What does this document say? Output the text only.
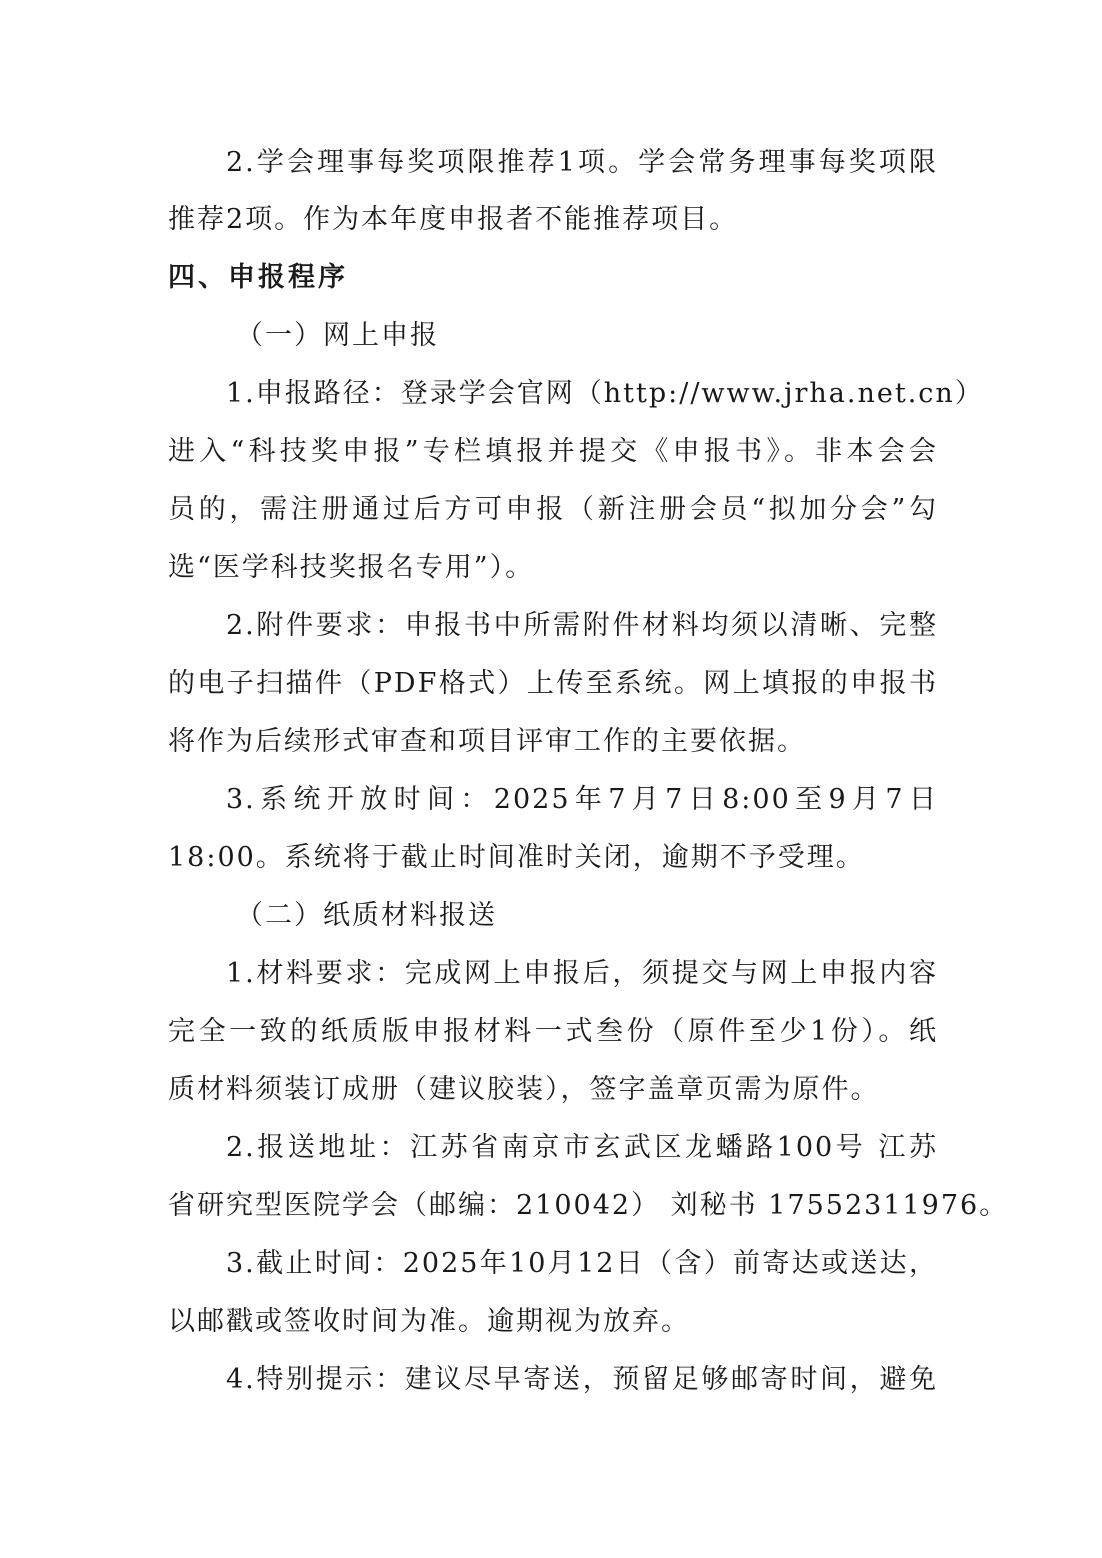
2.学会理事每奖项限推荐1项。学会常务理事每奖项限
推荐2项。作为本年度申报者不能推荐项目。
四、申报程序
（一）网上申报
1.申报路径：登录学会官网（http://www.jrha.net.cn）
进入“科技奖申报”专栏填报并提交《申报书》。非本会会
员的，需注册通过后方可申报（新注册会员“拟加分会”勾
选“医学科技奖报名专用”）。
2.附件要求：申报书中所需附件材料均须以清晰、完整
的电子扫描件（PDF格式）上传至系统。网上填报的申报书
将作为后续形式审查和项目评审工作的主要依据。
3.系统开放时间：2025年7月7日8:00至9月7日
18:00。系统将于截止时间准时关闭，逾期不予受理。
（二）纸质材料报送
1.材料要求：完成网上申报后，须提交与网上申报内容
完全一致的纸质版申报材料一式叁份（原件至少1份）。纸
质材料须装订成册（建议胶装），签字盖章页需为原件。
2.报送地址：江苏省南京市玄武区龙蟠路100号 江苏
省研究型医院学会（邮编：210042） 刘秘书 17552311976。
3.截止时间：2025年10月12日（含）前寄达或送达，
以邮戳或签收时间为准。逾期视为放弃。
4.特别提示：建议尽早寄送，预留足够邮寄时间，避免
